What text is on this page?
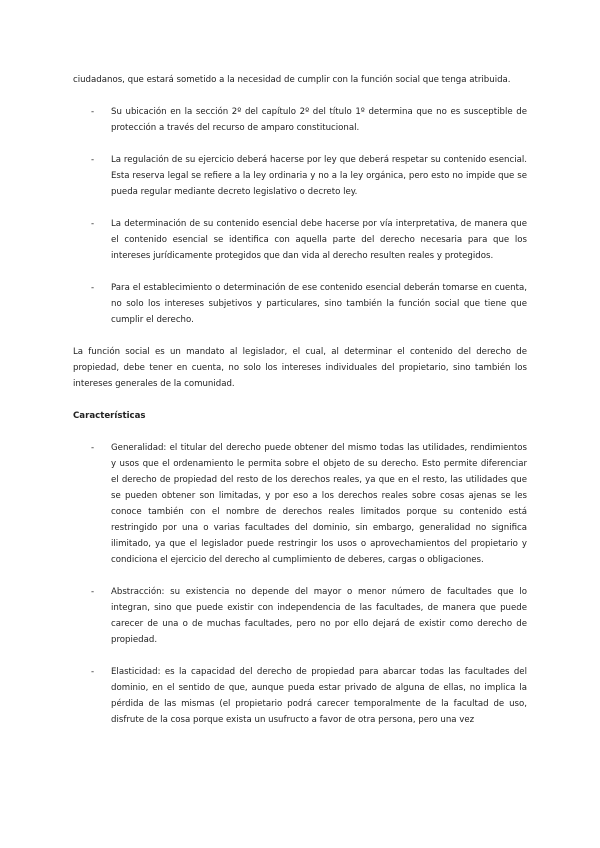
ciudadanos, que estará sometido a la necesidad de cumplir con la función social que tenga atribuida.

-	Su ubicación en la sección 2º del capítulo 2º del título 1º determina que no es susceptible de protección a través del recurso de amparo constitucional.
-	La regulación de su ejercicio deberá hacerse por ley que deberá respetar su contenido esencial. Esta reserva legal se refiere a la ley ordinaria y no a la ley orgánica, pero esto no impide que se pueda regular mediante decreto legislativo o decreto ley.
-	La determinación de su contenido esencial debe hacerse por vía interpretativa, de manera que el contenido esencial se identifica con aquella parte del derecho necesaria para que los intereses jurídicamente protegidos que dan vida al derecho resulten reales y protegidos.
-	Para el establecimiento o determinación de ese contenido esencial deberán tomarse en cuenta, no solo los intereses subjetivos y particulares, sino también la función social que tiene que cumplir el derecho.

La función social es un mandato al legislador, el cual, al determinar el contenido del derecho de propiedad, debe tener en cuenta, no solo los intereses individuales del propietario, sino también los intereses generales de la comunidad.

Características

-	Generalidad: el titular del derecho puede obtener del mismo todas las utilidades, rendimientos y usos que el ordenamiento le permita sobre el objeto de su derecho. Esto permite diferenciar el derecho de propiedad del resto de los derechos reales, ya que en el resto, las utilidades que se pueden obtener son limitadas, y por eso a los derechos reales sobre cosas ajenas se les conoce también con el nombre de derechos reales limitados porque su contenido está restringido por una o varias facultades del dominio, sin embargo, generalidad no significa ilimitado, ya que el legislador puede restringir los usos o aprovechamientos del propietario y condiciona el ejercicio del derecho al cumplimiento de deberes, cargas o obligaciones.
-	Abstracción: su existencia no depende del mayor o menor número de facultades que lo integran, sino que puede existir con independencia de las facultades, de manera que puede carecer de una o de muchas facultades, pero no por ello dejará de existir como derecho de propiedad.
-	Elasticidad: es la capacidad del derecho de propiedad para abarcar todas las facultades del dominio, en el sentido de que, aunque pueda estar privado de alguna de ellas, no implica la pérdida de las mismas (el propietario podrá carecer temporalmente de la facultad de uso, disfrute de la cosa porque exista un usufructo a favor de otra persona, pero una vez
